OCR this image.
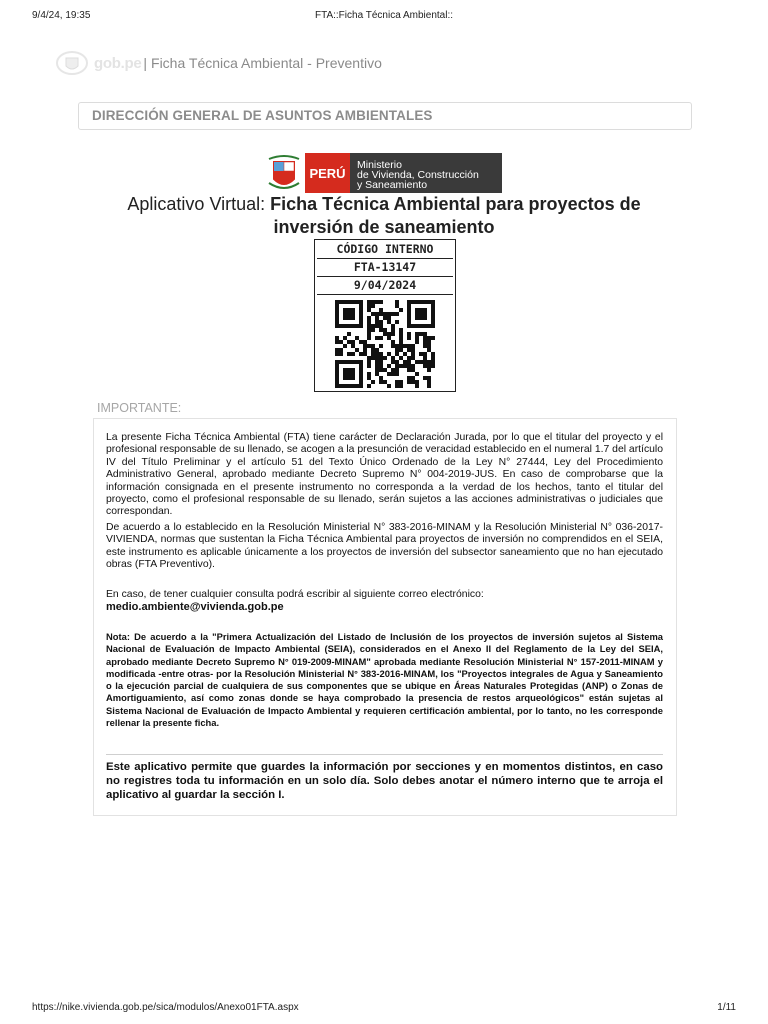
9/4/24, 19:35	FTA::Ficha Técnica Ambiental::
gob.pe | Ficha Técnica Ambiental - Preventivo
DIRECCIÓN GENERAL DE ASUNTOS AMBIENTALES
PERÚ
Ministerio
de Vivienda, Construcción
y Saneamiento
Aplicativo Virtual: Ficha Técnica Ambiental para proyectos de
inversión de saneamiento
CÓDIGO INTERNO
FTA-13147
9/04/2024
IMPORTANTE:
La presente Ficha Técnica Ambiental (FTA) tiene carácter de Declaración Jurada, por lo que el titular del proyecto y el profesional responsable de su llenado, se acogen a la presunción de veracidad establecido en el numeral 1.7 del artículo IV del Título Preliminar y el artículo 51 del Texto Único Ordenado de la Ley N° 27444, Ley del Procedimiento Administrativo General, aprobado mediante Decreto Supremo N° 004-2019-JUS. En caso de comprobarse que la información consignada en el presente instrumento no corresponda a la verdad de los hechos, tanto el titular del proyecto, como el profesional responsable de su llenado, serán sujetos a las acciones administrativas o judiciales que correspondan.
De acuerdo a lo establecido en la Resolución Ministerial N° 383-2016-MINAM y la Resolución Ministerial N° 036-2017-VIVIENDA, normas que sustentan la Ficha Técnica Ambiental para proyectos de inversión no comprendidos en el SEIA, este instrumento es aplicable únicamente a los proyectos de inversión del subsector saneamiento que no han ejecutado obras (FTA Preventivo).
En caso, de tener cualquier consulta podrá escribir al siguiente correo electrónico:
medio.ambiente@vivienda.gob.pe
Nota: De acuerdo a la "Primera Actualización del Listado de Inclusión de los proyectos de inversión sujetos al Sistema Nacional de Evaluación de Impacto Ambiental (SEIA), considerados en el Anexo II del Reglamento de la Ley del SEIA, aprobado mediante Decreto Supremo N° 019-2009-MINAM" aprobada mediante Resolución Ministerial N° 157-2011-MINAM y modificada -entre otras- por la Resolución Ministerial N° 383-2016-MINAM, los "Proyectos integrales de Agua y Saneamiento o la ejecución parcial de cualquiera de sus componentes que se ubique en Áreas Naturales Protegidas (ANP) o Zonas de Amortiguamiento, así como zonas donde se haya comprobado la presencia de restos arqueológicos" están sujetas al Sistema Nacional de Evaluación de Impacto Ambiental y requieren certificación ambiental, por lo tanto, no les corresponde rellenar la presente ficha.
Este aplicativo permite que guardes la información por secciones y en momentos distintos, en caso no registres toda tu información en un solo día. Solo debes anotar el número interno que te arroja el aplicativo al guardar la sección I.
https://nike.vivienda.gob.pe/sica/modulos/Anexo01FTA.aspx	1/11
